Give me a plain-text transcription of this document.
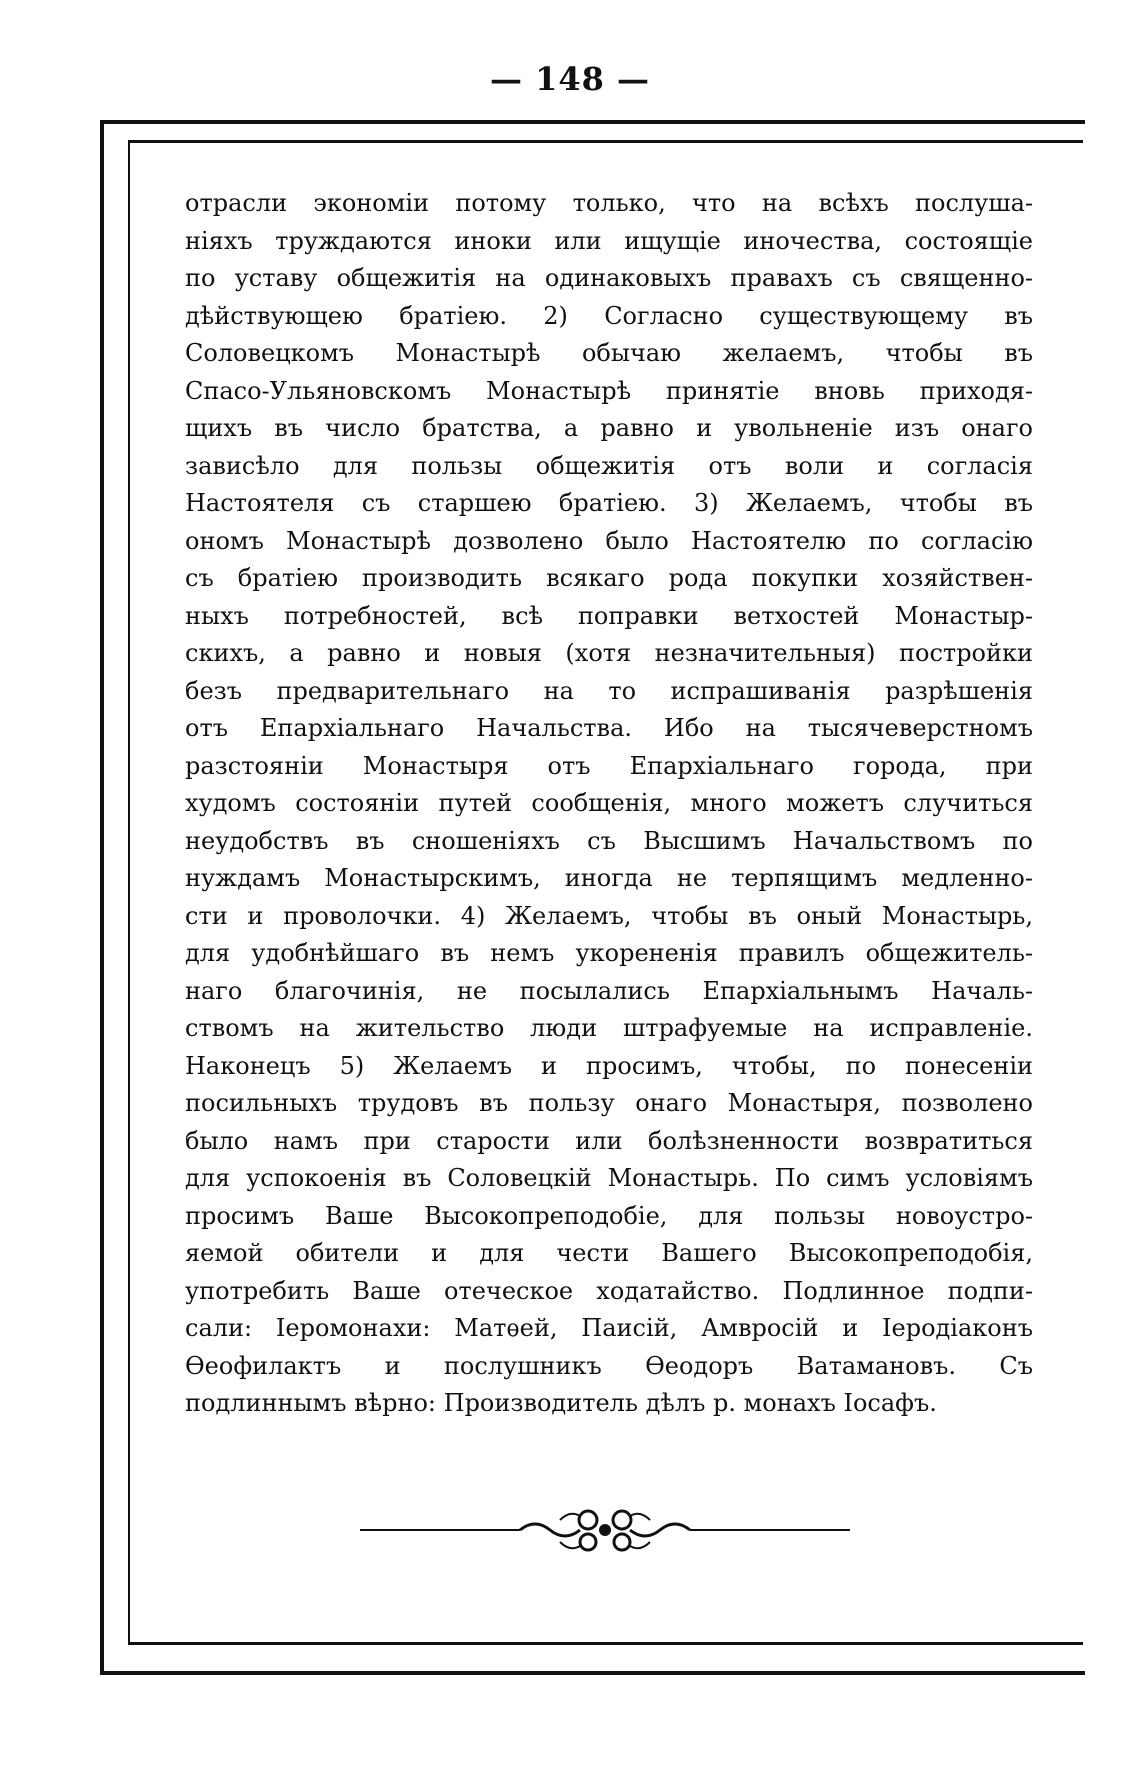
— 148 —
отрасли экономіи потому только, что на всѣхъ послуша-
ніяхъ труждаются иноки или ищущіе иночества, состоящіе
по уставу общежитія на одинаковыхъ правахъ съ священно-
дѣйствующею братіею. 2) Согласно существующему въ
Соловецкомъ Монастырѣ обычаю желаемъ, чтобы въ
Спасо-Ульяновскомъ Монастырѣ принятіе вновь приходя-
щихъ въ число братства, а равно и увольненіе изъ онаго
зависѣло для пользы общежитія отъ воли и согласія
Настоятеля съ старшею братіею. 3) Желаемъ, чтобы въ
ономъ Монастырѣ дозволено было Настоятелю по согласію
съ братіею производить всякаго рода покупки хозяйствен-
ныхъ потребностей, всѣ поправки ветхостей Монастыр-
скихъ, а равно и новыя (хотя незначительныя) постройки
безъ предварительнаго на то испрашиванія разрѣшенія
отъ Епархіальнаго Начальства. Ибо на тысячеверстномъ
разстояніи Монастыря отъ Епархіальнаго города, при
худомъ состояніи путей сообщенія, много можетъ случиться
неудобствъ въ сношеніяхъ съ Высшимъ Начальствомъ по
нуждамъ Монастырскимъ, иногда не терпящимъ медленно-
сти и проволочки. 4) Желаемъ, чтобы въ оный Монастырь,
для удобнѣйшаго въ немъ укорененія правилъ общежитель-
наго благочинія, не посылались Епархіальнымъ Началь-
ствомъ на жительство люди штрафуемые на исправленіе.
Наконецъ 5) Желаемъ и просимъ, чтобы, по понесеніи
посильныхъ трудовъ въ пользу онаго Монастыря, позволено
было намъ при старости или болѣзненности возвратиться
для успокоенія въ Соловецкій Монастырь. По симъ условіямъ
просимъ Ваше Высокопреподобіе, для пользы новоустро-
яемой обители и для чести Вашего Высокопреподобія,
употребить Ваше отеческое ходатайство. Подлинное подпи-
сали: Іеромонахи: Матѳей, Паисій, Амвросій и Іеродіаконъ
Ѳеофилактъ и послушникъ Ѳеодоръ Ватамановъ. Съ
подлиннымъ вѣрно: Производитель дѣлъ р. монахъ Іосафъ.
